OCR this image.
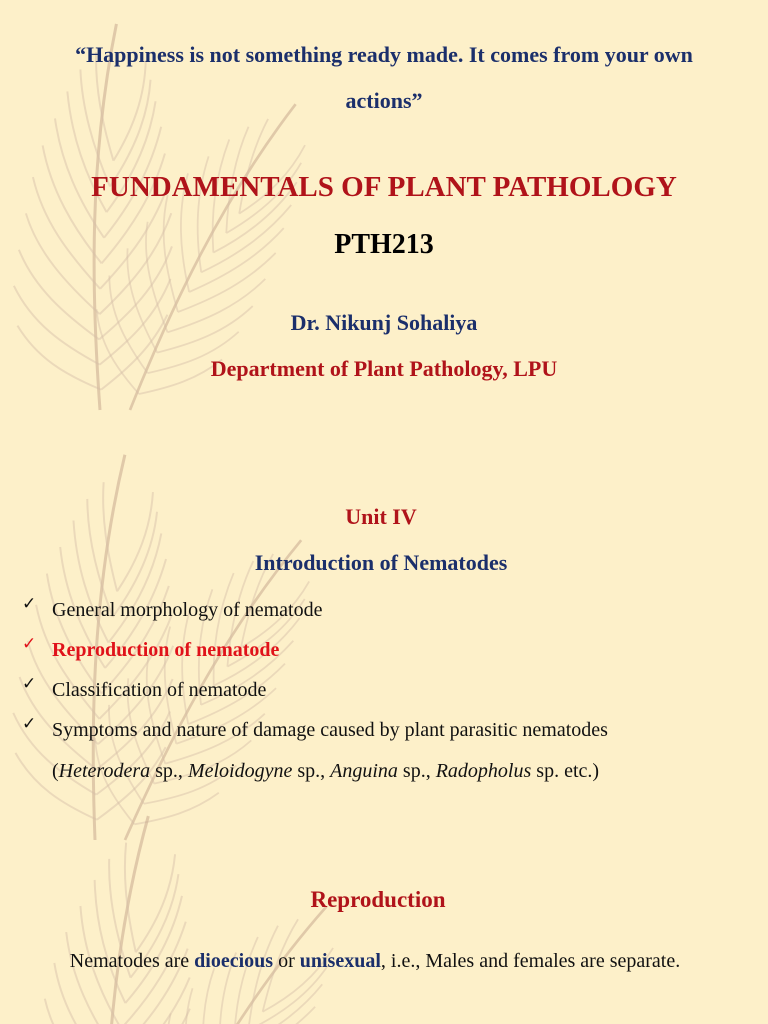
“Happiness is not something ready made. It comes from your own
actions”
FUNDAMENTALS OF PLANT PATHOLOGY
PTH213
Dr. Nikunj Sohaliya
Department of Plant Pathology, LPU
Unit IV
Introduction of Nematodes
✓ General morphology of nematode
✓ Reproduction of nematode
✓ Classification of nematode
✓ Symptoms and nature of damage caused by plant parasitic nematodes
(Heterodera sp., Meloidogyne sp., Anguina sp., Radopholus sp. etc.)
Reproduction
Nematodes are dioecious or unisexual, i.e., Males and females are separate.
